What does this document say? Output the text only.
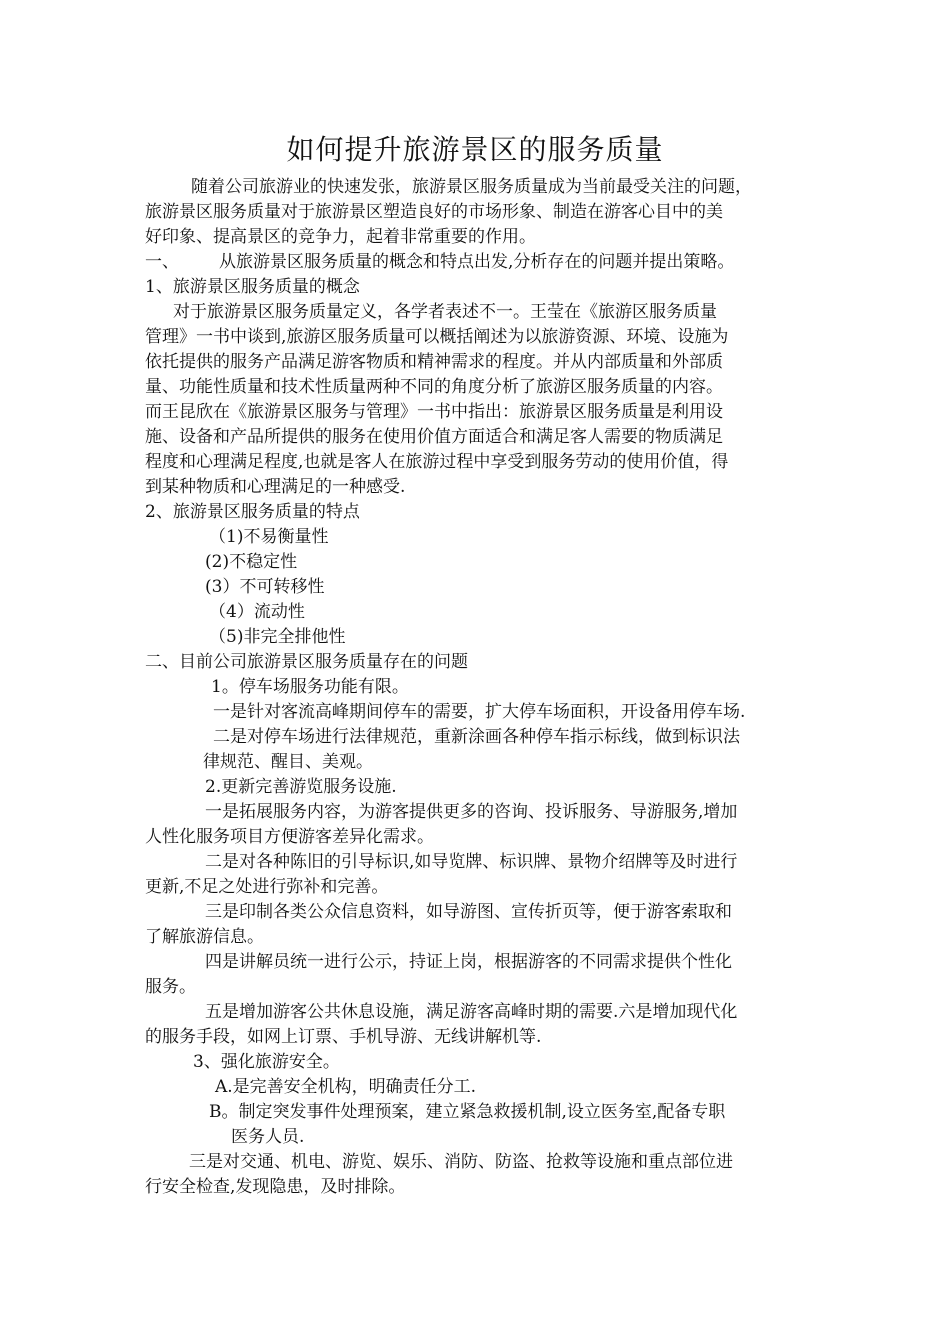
如何提升旅游景区的服务质量

随着公司旅游业的快速发张，旅游景区服务质量成为当前最受关注的问题，

旅游景区服务质量对于旅游景区塑造良好的市场形象、制造在游客心目中的美

好印象、提高景区的竞争力，起着非常重要的作用。

一、 从旅游景区服务质量的概念和特点出发,分析存在的问题并提出策略。

1、旅游景区服务质量的概念

对于旅游景区服务质量定义，各学者表述不一。王莹在《旅游区服务质量

管理》一书中谈到,旅游区服务质量可以概括阐述为以旅游资源、环境、设施为

依托提供的服务产品满足游客物质和精神需求的程度。并从内部质量和外部质

量、功能性质量和技术性质量两种不同的角度分析了旅游区服务质量的内容。

而王昆欣在《旅游景区服务与管理》一书中指出：旅游景区服务质量是利用设

施、设备和产品所提供的服务在使用价值方面适合和满足客人需要的物质满足

程度和心理满足程度,也就是客人在旅游过程中享受到服务劳动的使用价值，得

到某种物质和心理满足的一种感受.

2、旅游景区服务质量的特点

（1)不易衡量性

(2)不稳定性

(3）不可转移性

（4）流动性

（5)非完全排他性

二、目前公司旅游景区服务质量存在的问题

1。停车场服务功能有限。

一是针对客流高峰期间停车的需要，扩大停车场面积，开设备用停车场.

二是对停车场进行法律规范，重新涂画各种停车指示标线，做到标识法

律规范、醒目、美观。

2.更新完善游览服务设施.

一是拓展服务内容，为游客提供更多的咨询、投诉服务、导游服务,增加

人性化服务项目方便游客差异化需求。

二是对各种陈旧的引导标识,如导览牌、标识牌、景物介绍牌等及时进行

更新,不足之处进行弥补和完善。

三是印制各类公众信息资料，如导游图、宣传折页等，便于游客索取和

了解旅游信息。

四是讲解员统一进行公示，持证上岗，根据游客的不同需求提供个性化

服务。

五是增加游客公共休息设施，满足游客高峰时期的需要.六是增加现代化

的服务手段，如网上订票、手机导游、无线讲解机等.

3、强化旅游安全。

A.是完善安全机构，明确责任分工.

B。制定突发事件处理预案，建立紧急救援机制,设立医务室,配备专职

医务人员.

三是对交通、机电、游览、娱乐、消防、防盗、抢救等设施和重点部位进

行安全检查,发现隐患，及时排除。
